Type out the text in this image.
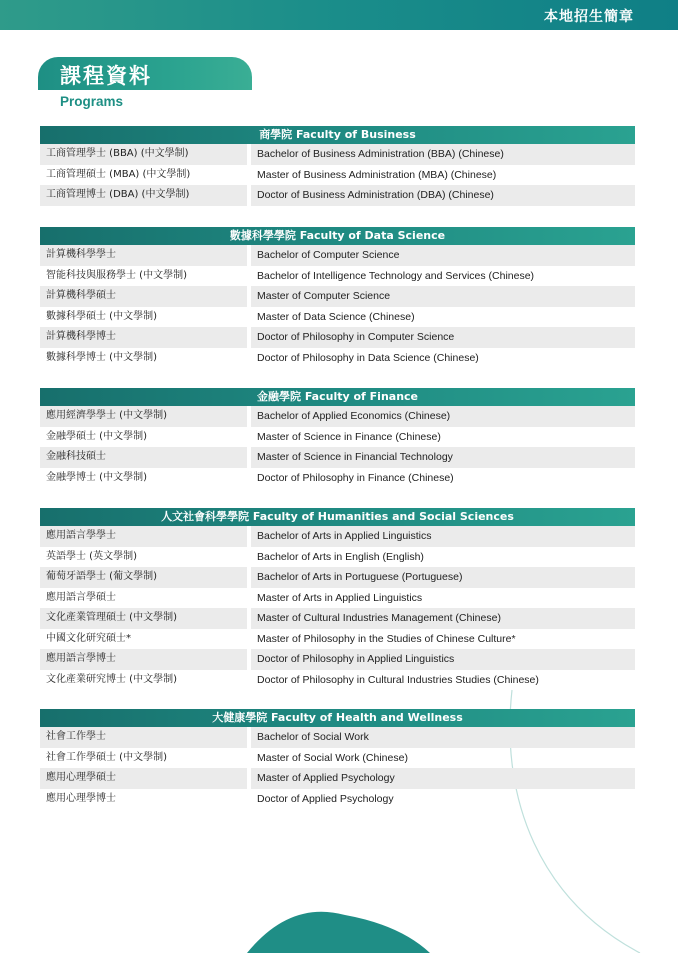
本地招生簡章
課程資料
Programs
商學院 Faculty of Business
工商管理學士 (BBA) (中文學制)	Bachelor of Business Administration (BBA) (Chinese)
工商管理碩士 (MBA) (中文學制)	Master of Business Administration (MBA) (Chinese)
工商管理博士 (DBA) (中文學制)	Doctor of Business Administration (DBA) (Chinese)
數據科學學院 Faculty of Data Science
計算機科學學士	Bachelor of Computer Science
智能科技與服務學士 (中文學制)	Bachelor of Intelligence Technology and Services (Chinese)
計算機科學碩士	Master of Computer Science
數據科學碩士 (中文學制)	Master of Data Science (Chinese)
計算機科學博士	Doctor of Philosophy in Computer Science
數據科學博士 (中文學制)	Doctor of Philosophy in Data Science (Chinese)
金融學院 Faculty of Finance
應用經濟學學士 (中文學制)	Bachelor of Applied Economics (Chinese)
金融學碩士 (中文學制)	Master of Science in Finance (Chinese)
金融科技碩士	Master of Science in Financial Technology
金融學博士 (中文學制)	Doctor of Philosophy in Finance (Chinese)
人文社會科學學院 Faculty of Humanities and Social Sciences
應用語言學學士	Bachelor of Arts in Applied Linguistics
英語學士 (英文學制)	Bachelor of Arts in English (English)
葡萄牙語學士 (葡文學制)	Bachelor of Arts in Portuguese (Portuguese)
應用語言學碩士	Master of Arts in Applied Linguistics
文化產業管理碩士 (中文學制)	Master of Cultural Industries Management (Chinese)
中國文化研究碩士*	Master of Philosophy in the Studies of Chinese Culture*
應用語言學博士	Doctor of Philosophy in Applied Linguistics
文化產業研究博士 (中文學制)	Doctor of Philosophy in Cultural Industries Studies (Chinese)
大健康學院 Faculty of Health and Wellness
社會工作學士	Bachelor of Social Work
社會工作學碩士 (中文學制)	Master of Social Work (Chinese)
應用心理學碩士	Master of Applied Psychology
應用心理學博士	Doctor of Applied Psychology
